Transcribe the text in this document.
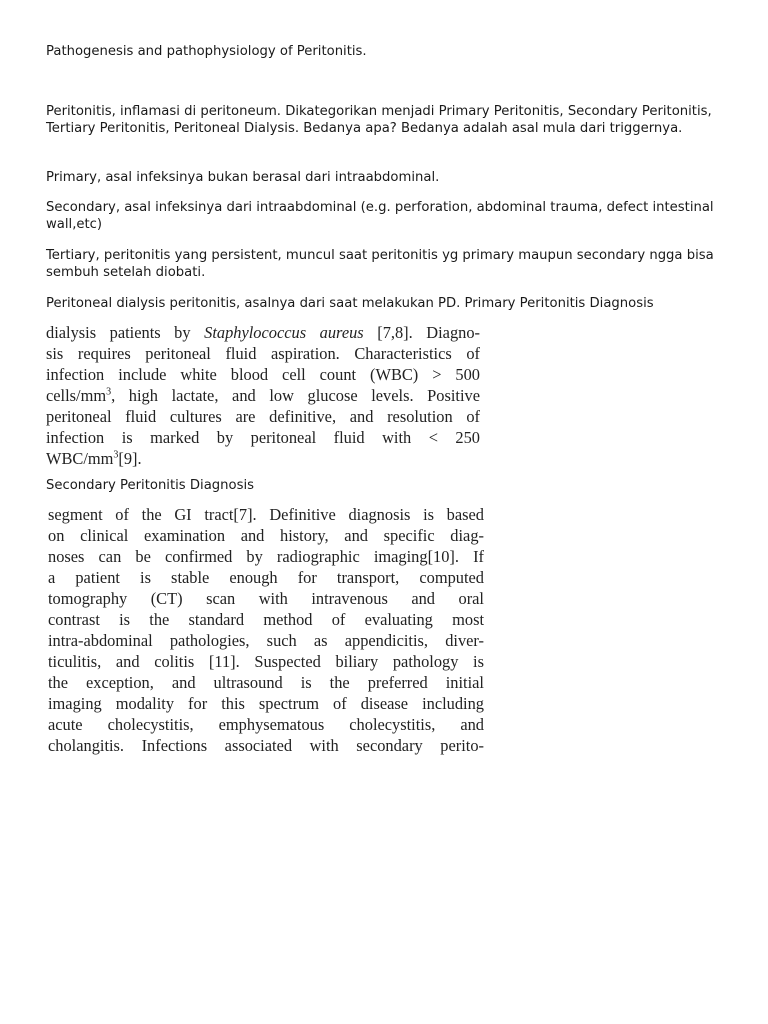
Pathogenesis and pathophysiology of Peritonitis.

Peritonitis, inflamasi di peritoneum. Dikategorikan menjadi Primary Peritonitis, Secondary Peritonitis, Tertiary Peritonitis, Peritoneal Dialysis. Bedanya apa? Bedanya adalah asal mula dari triggernya.

Primary, asal infeksinya bukan berasal dari intraabdominal.

Secondary, asal infeksinya dari intraabdominal (e.g. perforation, abdominal trauma, defect intestinal wall,etc)

Tertiary, peritonitis yang persistent, muncul saat peritonitis yg primary maupun secondary ngga bisa sembuh setelah diobati.

Peritoneal dialysis peritonitis, asalnya dari saat melakukan PD. Primary Peritonitis Diagnosis

dialysis patients by Staphylococcus aureus [7,8]. Diagno-
sis requires peritoneal fluid aspiration. Characteristics of
infection include white blood cell count (WBC) > 500
cells/$mm^3$, high lactate, and low glucose levels. Positive
peritoneal fluid cultures are definitive, and resolution of
infection is marked by peritoneal fluid with < 250
WBC/$mm^3[9]$.

Secondary Peritonitis Diagnosis

segment of the GI tract[7]. Definitive diagnosis is based
on clinical examination and history, and specific diag-
noses can be confirmed by radiographic imaging[10]. If
a patient is stable enough for transport, computed
tomography (CT) scan with intravenous and oral
contrast is the standard method of evaluating most
intra-abdominal pathologies, such as appendicitis, diver-
ticulitis, and colitis [11]. Suspected biliary pathology is
the exception, and ultrasound is the preferred initial
imaging modality for this spectrum of disease including
acute cholecystitis, emphysematous cholecystitis, and
cholangitis. Infections associated with secondary perito-
